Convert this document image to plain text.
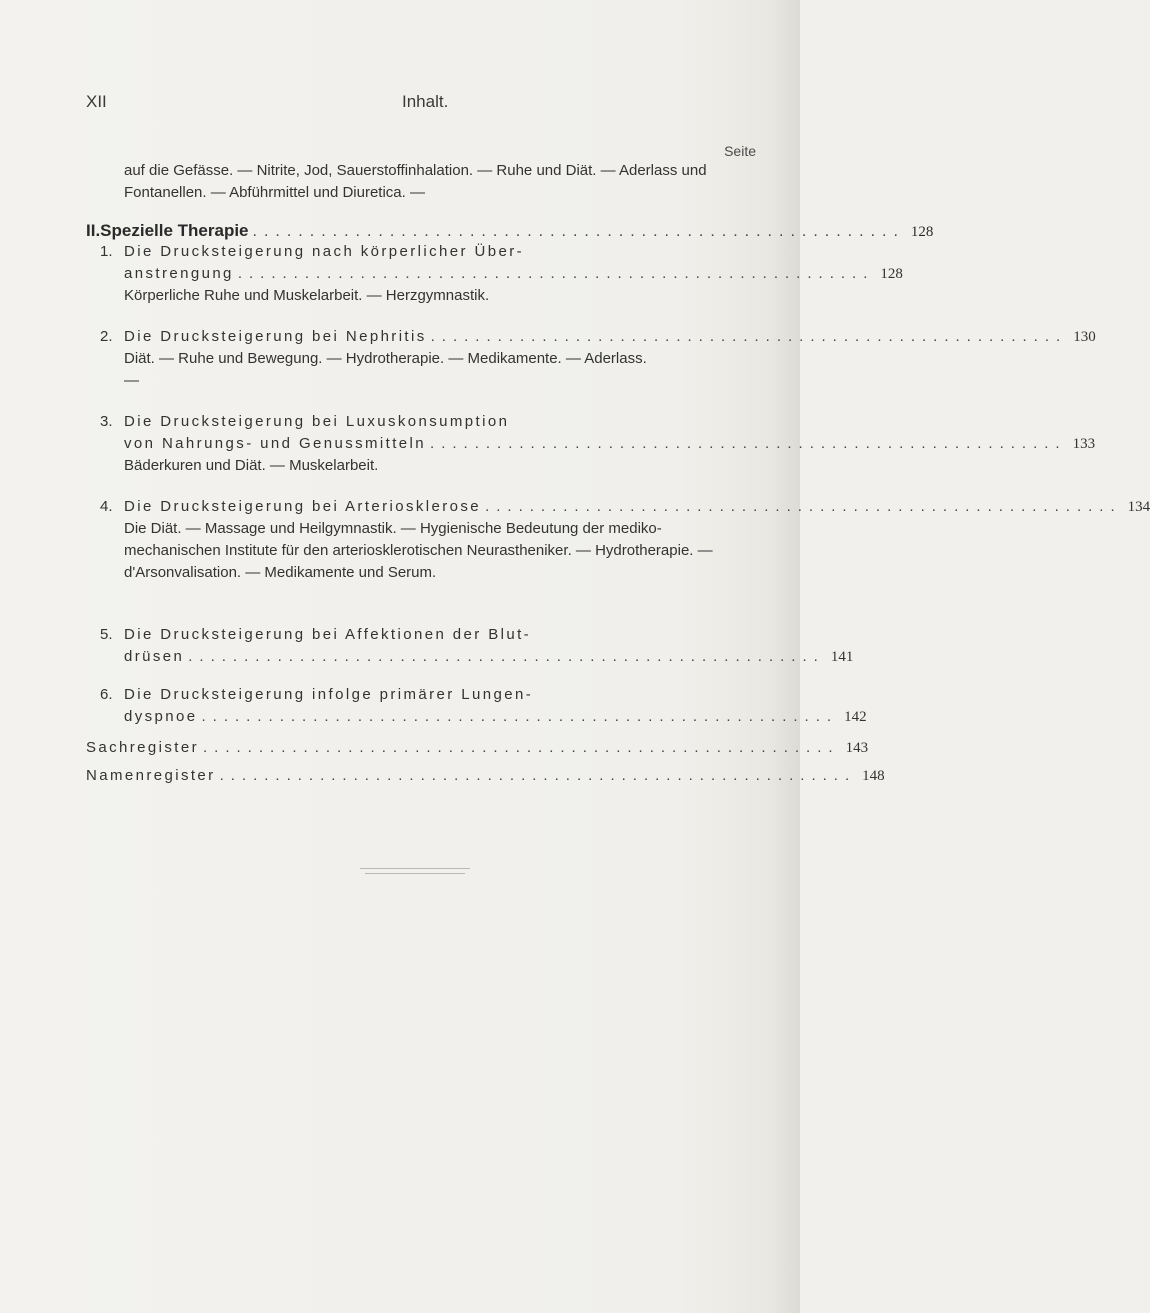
XII	Inhalt.
Seite
auf die Gefässe. — Nitrite, Jod, Sauerstoffinhalation. — Ruhe und Diät. — Aderlass und Fontanellen. — Abführmittel und Diuretica. —
II. Spezielle Therapie ......................................................... 128
1. Die Drucksteigerung nach körperlicher Über-
anstrengung ......................................................... 128
Körperliche Ruhe und Muskelarbeit. — Herzgymnastik.
2. Die Drucksteigerung bei Nephritis ......................................................... 130
Diät. — Ruhe und Bewegung. — Hydrotherapie. — Medikamente. — Aderlass. —
3. Die Drucksteigerung bei Luxuskonsumption
von Nahrungs- und Genussmitteln ......................................................... 133
Bäderkuren und Diät. — Muskelarbeit.
4. Die Drucksteigerung bei Arteriosklerose ......................................................... 134
Die Diät. — Massage und Heilgymnastik. — Hygienische Bedeutung der mediko-mechanischen Institute für den arteriosklerotischen Neurastheniker. — Hydrotherapie. — d'Arsonvalisation. — Medikamente und Serum.
5. Die Drucksteigerung bei Affektionen der Blut-
drüsen ......................................................... 141
6. Die Drucksteigerung infolge primärer Lungen-
dyspnoe ......................................................... 142
Sachregister ......................................................... 143
Namenregister ......................................................... 148
